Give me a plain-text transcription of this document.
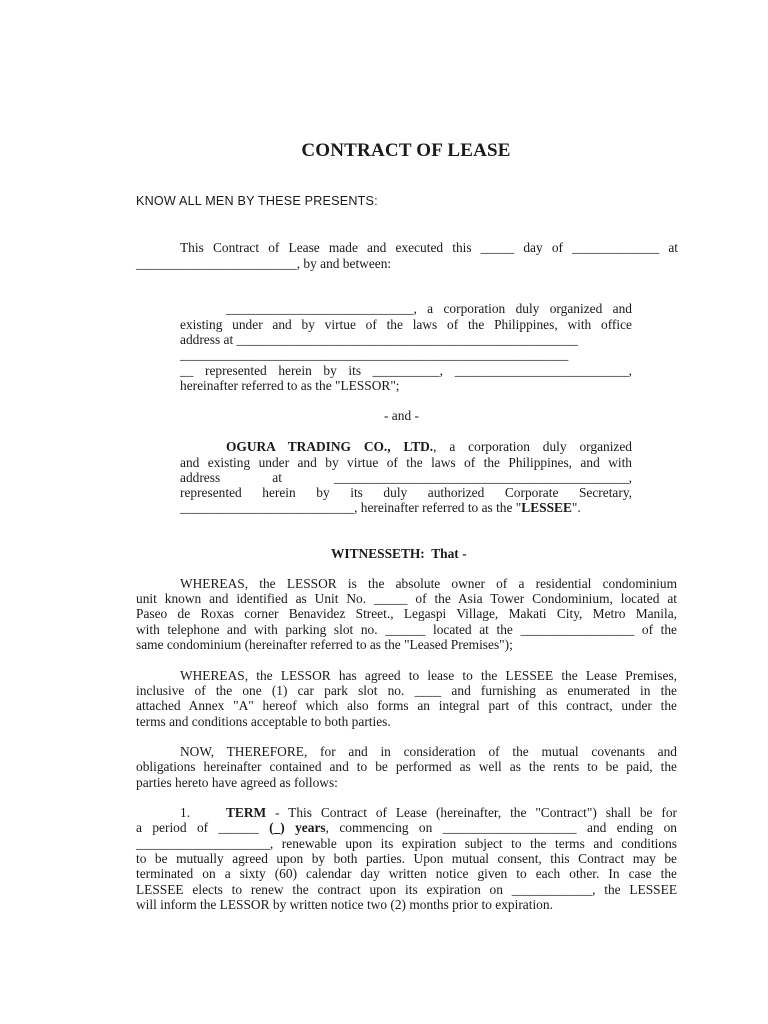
CONTRACT OF LEASE

KNOW ALL MEN BY THESE PRESENTS:

This Contract of Lease made and executed this _____ day of _____________ at

________________________, by and between:

____________________________, a corporation duly organized and

existing under and by virtue of the laws of the Philippines, with office

address at ___________________________________________________

__________________________________________________________

__ represented herein by its __________, __________________________,

hereinafter referred to as the "LESSOR";

- and -

OGURA TRADING CO., LTD., a corporation duly organized

and existing under and by virtue of the laws of the Philippines, and with

address at ____________________________________________,

represented herein by its duly authorized Corporate Secretary,

__________________________, hereinafter referred to as the "LESSEE".

WITNESSETH:  That -

WHEREAS, the LESSOR is the absolute owner of a residential condominium

unit known and identified as Unit No. _____ of the Asia Tower Condominium, located at

Paseo de Roxas corner Benavidez Street., Legaspi Village, Makati City, Metro Manila,

with telephone and with parking slot no. ______ located at the _________________ of the

same condominium (hereinafter referred to as the "Leased Premises");

WHEREAS, the LESSOR has agreed to lease to the LESSEE the Lease Premises,

inclusive of the one (1) car park slot no. ____ and furnishing as enumerated in the

attached Annex "A" hereof which also forms an integral part of this contract, under the

terms and conditions acceptable to both parties.

NOW, THEREFORE, for and in consideration of the mutual covenants and

obligations hereinafter contained and to be performed as well as the rents to be paid, the

parties hereto have agreed as follows:

1.	TERM - This Contract of Lease (hereinafter, the "Contract") shall be for

a period of ______ (_) years, commencing on ____________________ and ending on

____________________, renewable upon its expiration subject to the terms and conditions

to be mutually agreed upon by both parties. Upon mutual consent, this Contract may be

terminated on a sixty (60) calendar day written notice given to each other. In case the

LESSEE elects to renew the contract upon its expiration on ____________, the LESSEE

will inform the LESSOR by written notice two (2) months prior to expiration.
